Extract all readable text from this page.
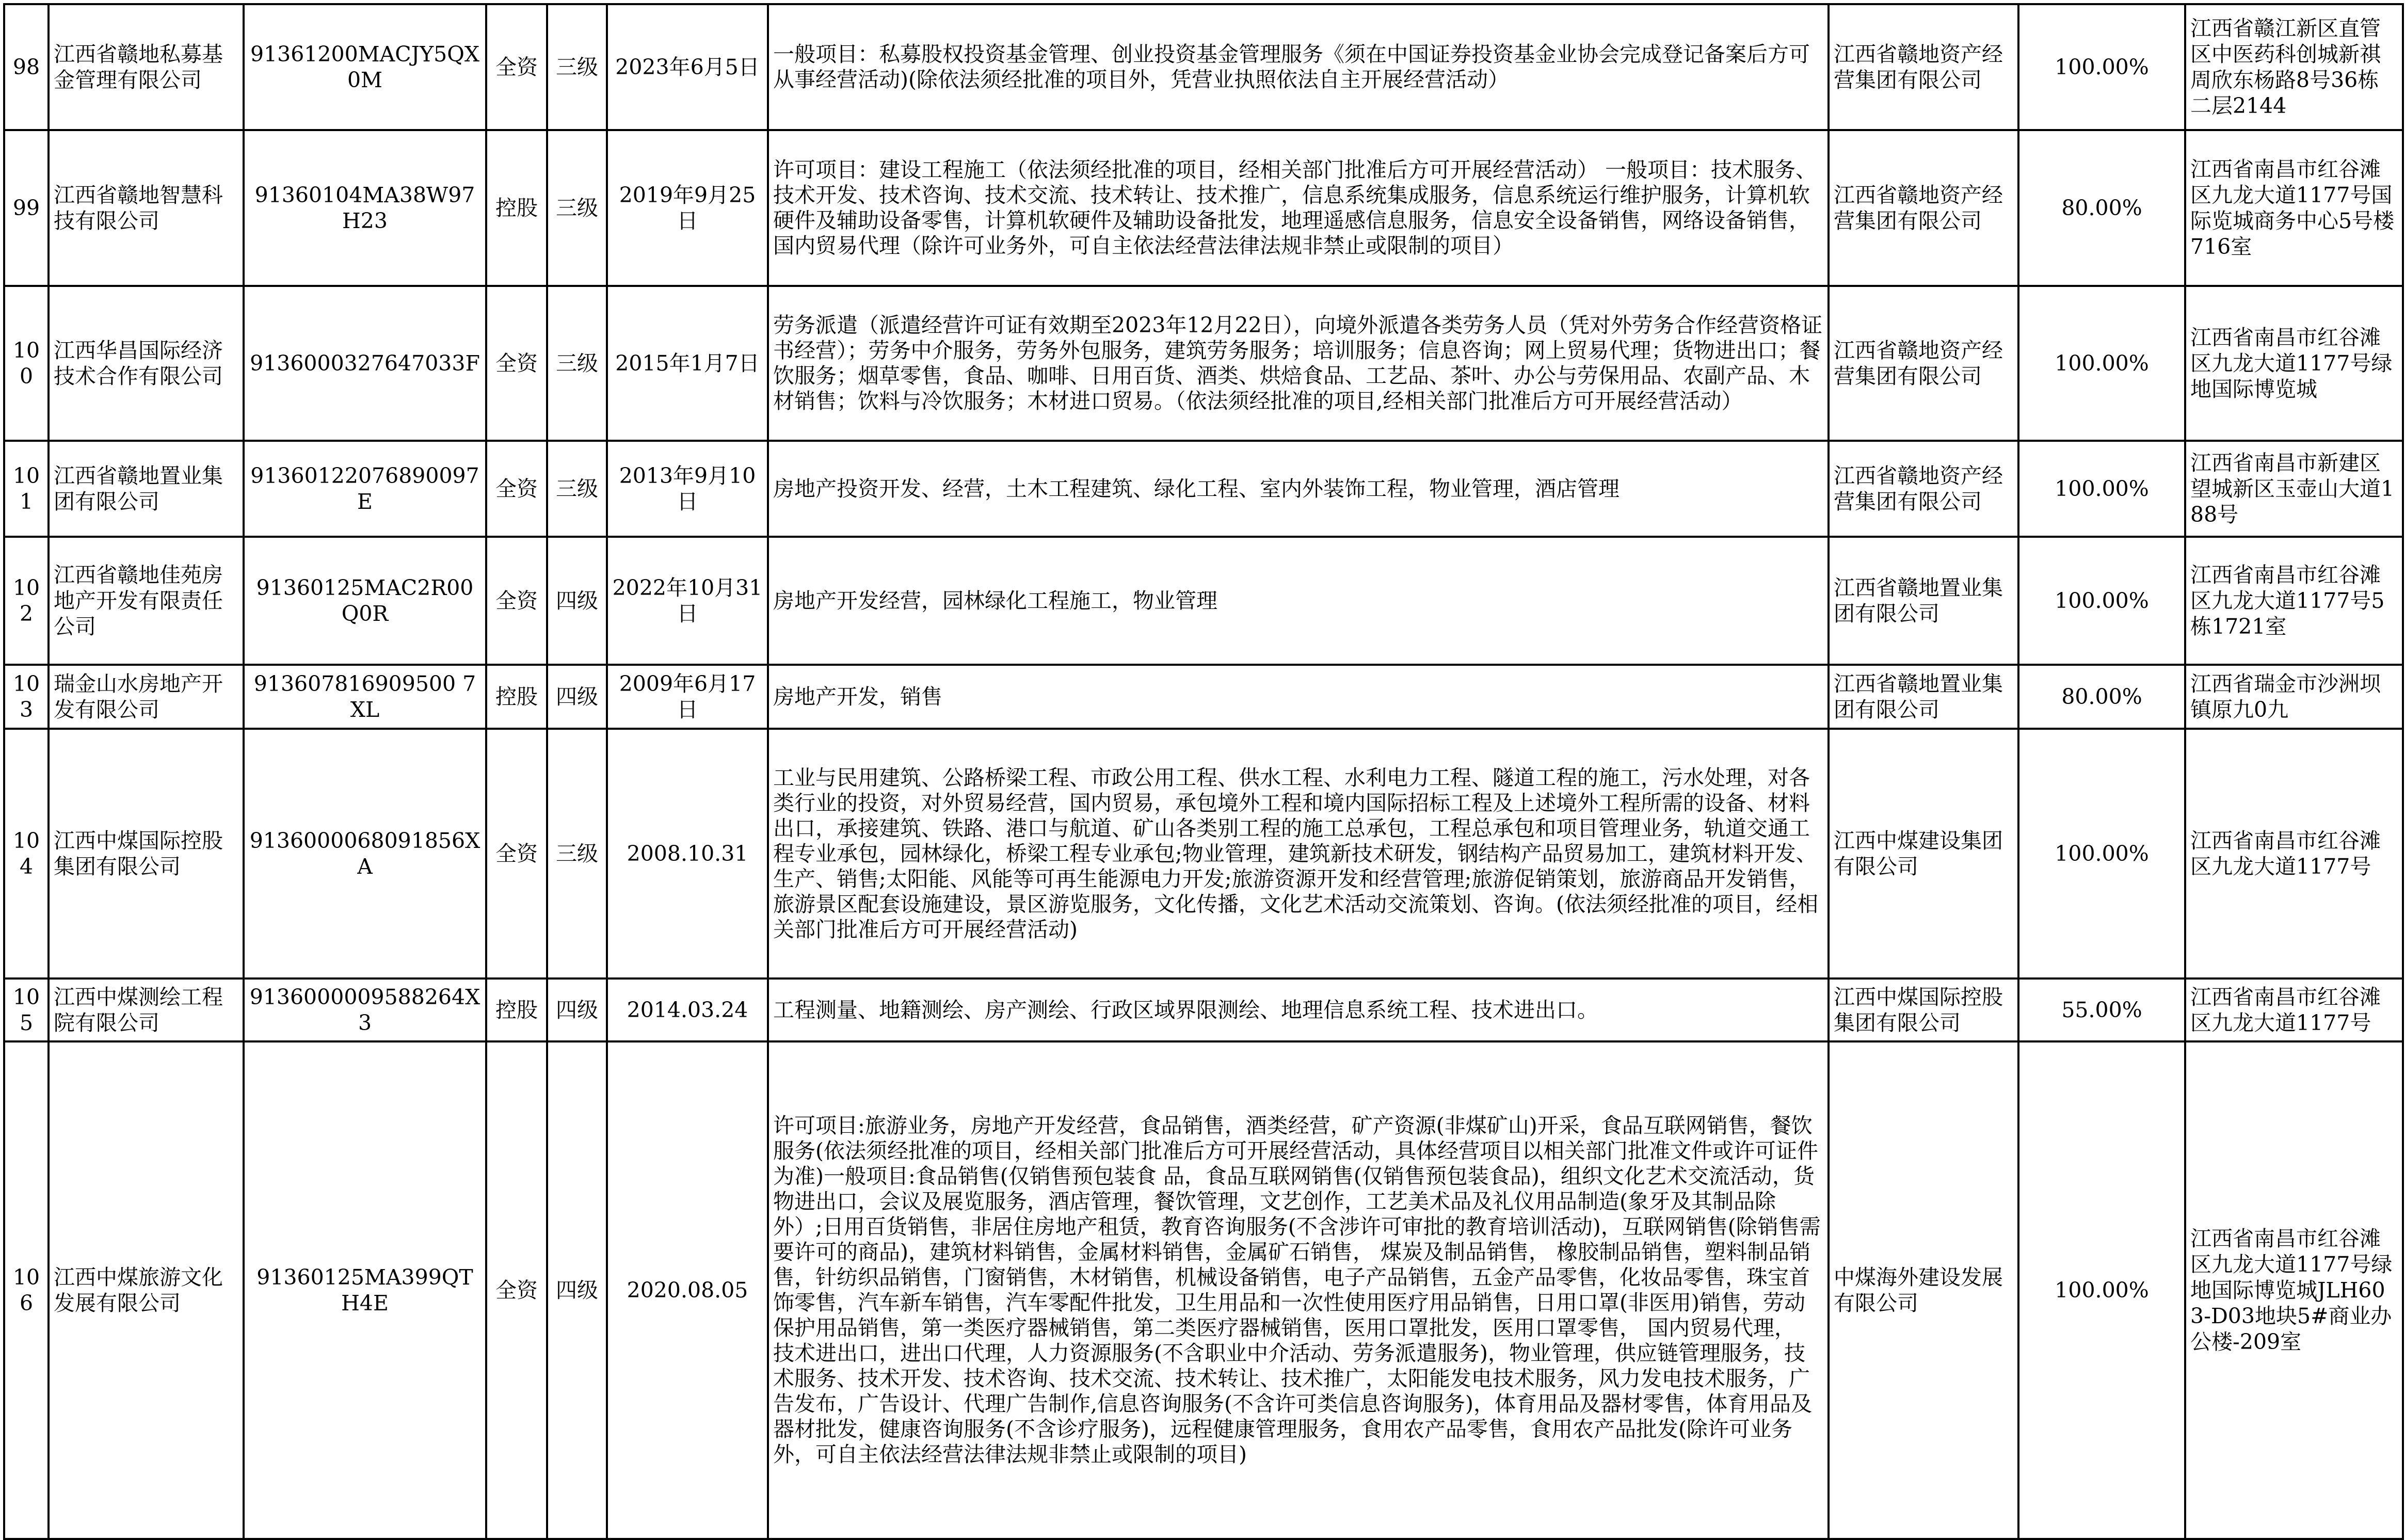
98	江西省赣地私募基金管理有限公司	91361200MACJY5QX0M	全资	三级	2023年6月5日	一般项目：私募股权投资基金管理、创业投资基金管理服务《须在中国证券投资基金业协会完成登记备案后方可从事经营活动)(除依法须经批准的项目外，凭营业执照依法自主开展经营活动）	江西省赣地资产经营集团有限公司	100.00%	江西省赣江新区直管区中医药科创城新祺周欣东杨路8号36栋二层2144
99	江西省赣地智慧科技有限公司	91360104MA38W97H23	控股	三级	2019年9月25日	许可项目：建设工程施工（依法须经批准的项目，经相关部门批准后方可开展经营活动） 一般项目：技术服务、技术开发、技术咨询、技术交流、技术转让、技术推广，信息系统集成服务，信息系统运行维护服务，计算机软硬件及辅助设备零售，计算机软硬件及辅助设备批发，地理遥感信息服务，信息安全设备销售，网络设备销售，国内贸易代理（除许可业务外，可自主依法经营法律法规非禁止或限制的项目）	江西省赣地资产经营集团有限公司	80.00%	江西省南昌市红谷滩区九龙大道1177号国际览城商务中心5号楼716室
100	江西华昌国际经济技术合作有限公司	9136000327647033F	全资	三级	2015年1月7日	劳务派遣（派遣经营许可证有效期至2023年12月22日），向境外派遣各类劳务人员（凭对外劳务合作经营资格证书经营）；劳务中介服务，劳务外包服务，建筑劳务服务；培训服务；信息咨询；网上贸易代理；货物进出口；餐饮服务；烟草零售，食品、咖啡、日用百货、酒类、烘焙食品、工艺品、茶叶、办公与劳保用品、农副产品、木材销售；饮料与冷饮服务；木材进口贸易。（依法须经批准的项目,经相关部门批准后方可开展经营活动）	江西省赣地资产经营集团有限公司	100.00%	江西省南昌市红谷滩区九龙大道1177号绿地国际博览城
101	江西省赣地置业集团有限公司	91360122076890097E	全资	三级	2013年9月10日	房地产投资开发、经营，土木工程建筑、绿化工程、室内外装饰工程，物业管理，酒店管理	江西省赣地资产经营集团有限公司	100.00%	江西省南昌市新建区望城新区玉壶山大道188号
102	江西省赣地佳苑房地产开发有限责任公司	91360125MAC2R00Q0R	全资	四级	2022年10月31日	房地产开发经营，园林绿化工程施工，物业管理	江西省赣地置业集团有限公司	100.00%	江西省南昌市红谷滩区九龙大道1177号5栋1721室
103	瑞金山水房地产开发有限公司	913607816909500 7XL	控股	四级	2009年6月17日	房地产开发，销售	江西省赣地置业集团有限公司	80.00%	江西省瑞金市沙洲坝镇原九0九
104	江西中煤国际控股集团有限公司	9136000068091856XA	全资	三级	2008.10.31	工业与民用建筑、公路桥梁工程、市政公用工程、供水工程、水利电力工程、隧道工程的施工，污水处理，对各类行业的投资，对外贸易经营，国内贸易，承包境外工程和境内国际招标工程及上述境外工程所需的设备、材料出口，承接建筑、铁路、港口与航道、矿山各类别工程的施工总承包，工程总承包和项目管理业务，轨道交通工程专业承包，园林绿化，桥梁工程专业承包;物业管理，建筑新技术研发，钢结构产品贸易加工，建筑材料开发、生产、销售;太阳能、风能等可再生能源电力开发;旅游资源开发和经营管理;旅游促销策划，旅游商品开发销售，旅游景区配套设施建设，景区游览服务，文化传播，文化艺术活动交流策划、咨询。(依法须经批准的项目，经相关部门批准后方可开展经营活动)	江西中煤建设集团有限公司	100.00%	江西省南昌市红谷滩区九龙大道1177号
105	江西中煤测绘工程院有限公司	9136000009588264X3	控股	四级	2014.03.24	工程测量、地籍测绘、房产测绘、行政区域界限测绘、地理信息系统工程、技术进出口。	江西中煤国际控股集团有限公司	55.00%	江西省南昌市红谷滩区九龙大道1177号
106	江西中煤旅游文化发展有限公司	91360125MA399QTH4E	全资	四级	2020.08.05	许可项目:旅游业务，房地产开发经营，食品销售，酒类经营，矿产资源(非煤矿山)开采，食品互联网销售，餐饮服务(依法须经批准的项目，经相关部门批准后方可开展经营活动，具体经营项目以相关部门批准文件或许可证件为准)一般项目:食品销售(仅销售预包装食 品，食品互联网销售(仅销售预包装食品)，组织文化艺术交流活动，货物进出口，会议及展览服务，酒店管理，餐饮管理，文艺创作，工艺美术品及礼仪用品制造(象牙及其制品除外）;日用百货销售，非居住房地产租赁，教育咨询服务(不含涉许可审批的教育培训活动)，互联网销售(除销售需要许可的商品)，建筑材料销售，金属材料销售，金属矿石销售， 煤炭及制品销售， 橡胶制品销售，塑料制品销售，针纺织品销售，门窗销售，木材销售，机械设备销售，电子产品销售，五金产品零售，化妆品零售，珠宝首饰零售，汽车新车销售，汽车零配件批发，卫生用品和一次性使用医疗用品销售，日用口罩(非医用)销售，劳动保护用品销售，第一类医疗器械销售，第二类医疗器械销售，医用口罩批发，医用口罩零售， 国内贸易代理， 技术进出口，进出口代理，人力资源服务(不含职业中介活动、劳务派遣服务)，物业管理，供应链管理服务，技术服务、技术开发、技术咨询、技术交流、技术转让、技术推广，太阳能发电技术服务，风力发电技术服务，广告发布，广告设计、代理广告制作,信息咨询服务(不含许可类信息咨询服务)，体育用品及器材零售，体育用品及器材批发，健康咨询服务(不含诊疗服务)，远程健康管理服务，食用农产品零售，食用农产品批发(除许可业务外，可自主依法经营法律法规非禁止或限制的项目)	中煤海外建设发展有限公司	100.00%	江西省南昌市红谷滩区九龙大道1177号绿地国际博览城JLH603-D03地块5#商业办公楼-209室
